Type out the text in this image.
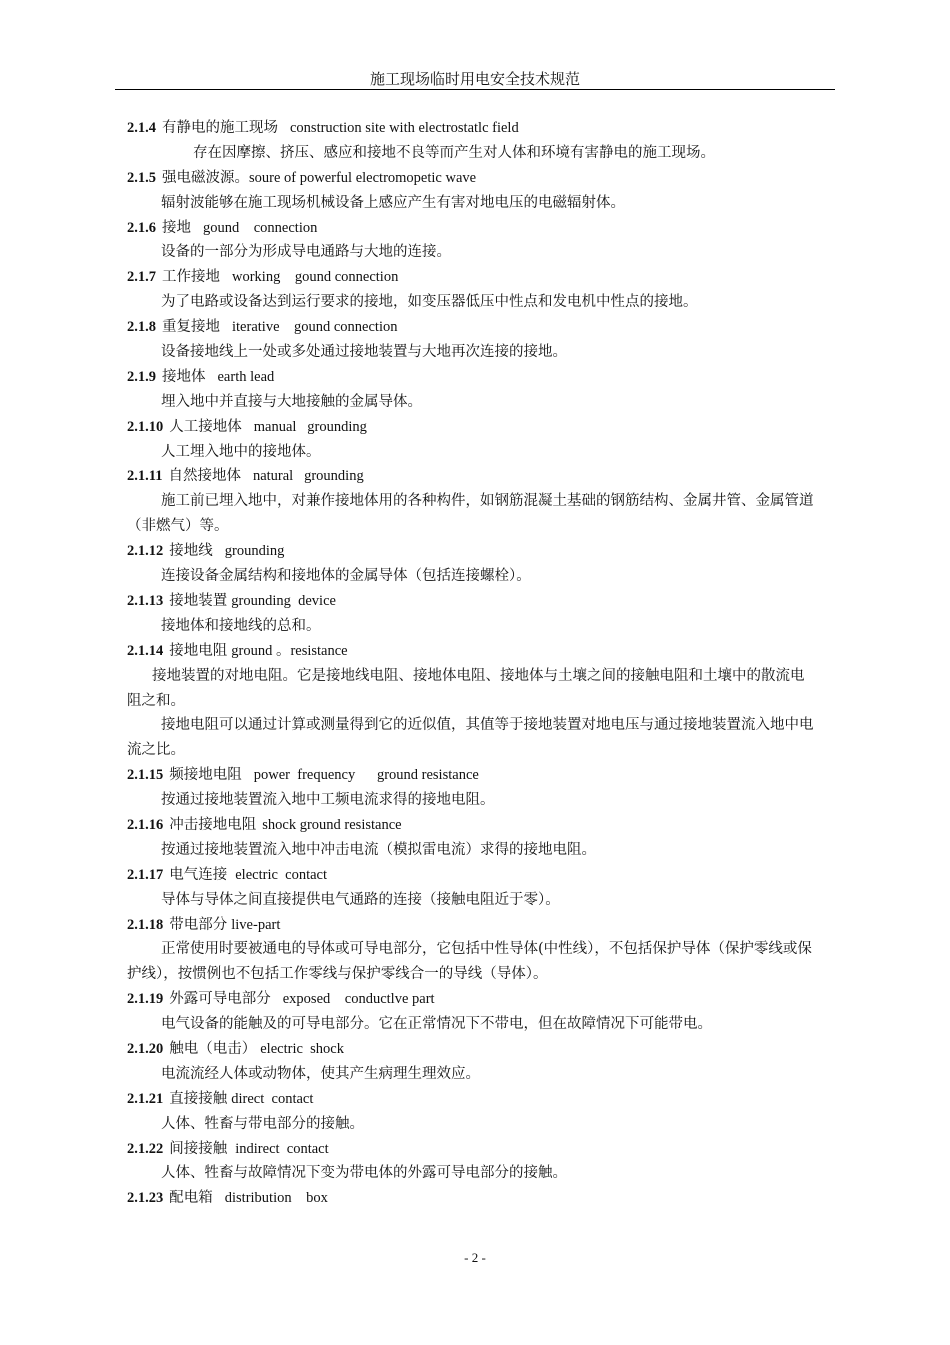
施工现场临时用电安全技术规范
2.1.4 有静电的施工现场 construction site with electrostatlc field
存在因摩擦、挤压、感应和接地不良等而产生对人体和环境有害静电的施工现场。
2.1.5 强电磁波源。soure of powerful electromopetic wave
辐射波能够在施工现场机械设备上感应产生有害对地电压的电磁辐射体。
2.1.6 接地 gound    connection
设备的一部分为形成导电通路与大地的连接。
2.1.7 工作接地 working    gound connection
为了电路或设备达到运行要求的接地，如变压器低压中性点和发电机中性点的接地。
2.1.8 重复接地 iterative    gound connection
设备接地线上一处或多处通过接地装置与大地再次连接的接地。
2.1.9 接地体 earth lead
埋入地中并直接与大地接触的金属导体。
2.1.10 人工接地体 manual   grounding
人工埋入地中的接地体。
2.1.11 自然接地体 natural   grounding
施工前已埋入地中，对兼作接地体用的各种构件，如钢筋混凝土基础的钢筋结构、金属井管、金属管道（非燃气）等。
2.1.12 接地线 grounding
连接设备金属结构和接地体的金属导体（包括连接螺栓）。
2.1.13 接地装置 grounding  device
接地体和接地线的总和。
2.1.14 接地电阻 ground 。resistance
接地装置的对地电阻。它是接地线电阻、接地体电阻、接地体与土壤之间的接触电阻和土壤中的散流电阻之和。
接地电阻可以通过计算或测量得到它的近似值，其值等于接地装置对地电压与通过接地装置流入地中电流之比。
2.1.15 频接地电阻 power  frequency      ground resistance
按通过接地装置流入地中工频电流求得的接地电阻。
2.1.16 冲击接地电阻 shock ground resistance
按通过接地装置流入地中冲击电流（模拟雷电流）求得的接地电阻。
2.1.17 电气连接 electric  contact
导体与导体之间直接提供电气通路的连接（接触电阻近于零）。
2.1.18 带电部分 live-part
正常使用时要被通电的导体或可导电部分，它包括中性导体(中性线），不包括保护导体（保护零线或保护线），按惯例也不包括工作零线与保护零线合一的导线（导体）。
2.1.19 外露可导电部分 exposed    conductlve part
电气设备的能触及的可导电部分。它在正常情况下不带电，但在故障情况下可能带电。
2.1.20 触电（电击） electric  shock
电流流经人体或动物体，使其产生病理生理效应。
2.1.21 直接接触 direct  contact
人体、牲畜与带电部分的接触。
2.1.22 间接接触 indirect  contact
人体、牲畜与故障情况下变为带电体的外露可导电部分的接触。
2.1.23 配电箱 distribution    box
- 2 -
